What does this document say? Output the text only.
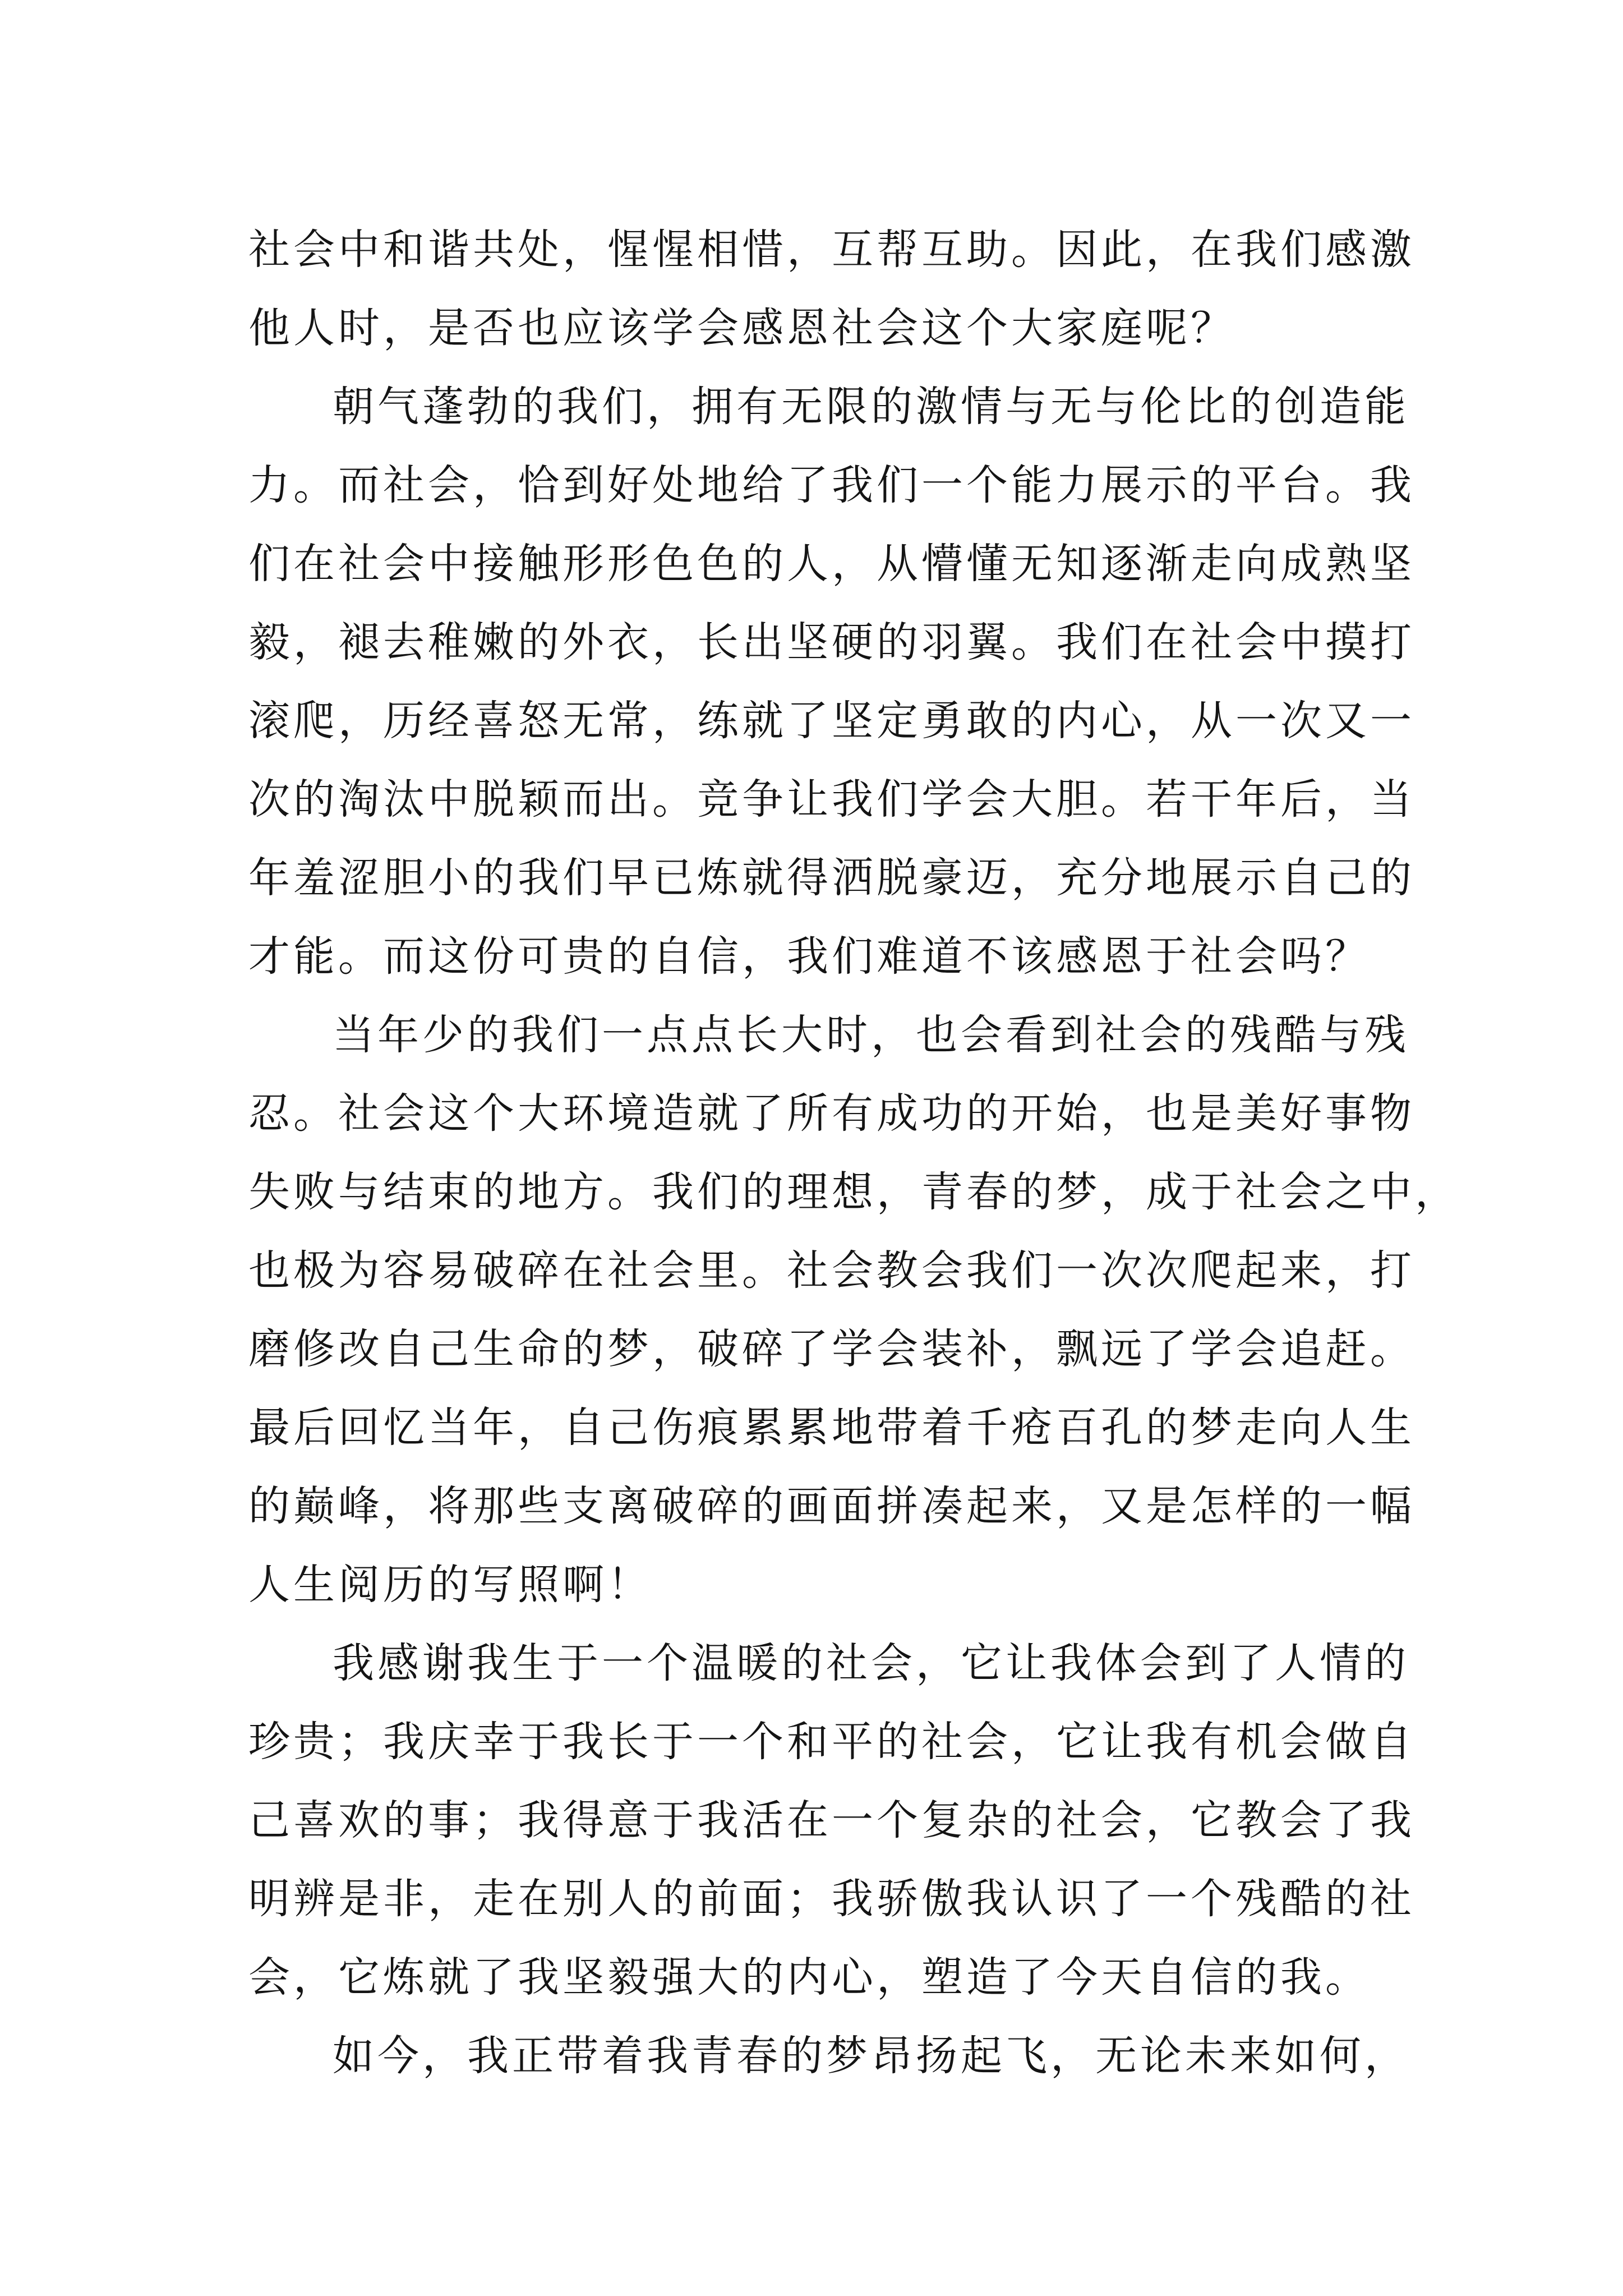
社会中和谐共处，惺惺相惜，互帮互助。因此，在我们感激
他人时，是否也应该学会感恩社会这个大家庭呢？
朝气蓬勃的我们，拥有无限的激情与无与伦比的创造能
力。而社会，恰到好处地给了我们一个能力展示的平台。我
们在社会中接触形形色色的人，从懵懂无知逐渐走向成熟坚
毅，褪去稚嫩的外衣，长出坚硬的羽翼。我们在社会中摸打
滚爬，历经喜怒无常，练就了坚定勇敢的内心，从一次又一
次的淘汰中脱颖而出。竞争让我们学会大胆。若干年后，当
年羞涩胆小的我们早已炼就得洒脱豪迈，充分地展示自己的
才能。而这份可贵的自信，我们难道不该感恩于社会吗？
当年少的我们一点点长大时，也会看到社会的残酷与残
忍。社会这个大环境造就了所有成功的开始，也是美好事物
失败与结束的地方。我们的理想，青春的梦，成于社会之中，
也极为容易破碎在社会里。社会教会我们一次次爬起来，打
磨修改自己生命的梦，破碎了学会装补，飘远了学会追赶。
最后回忆当年，自己伤痕累累地带着千疮百孔的梦走向人生
的巅峰，将那些支离破碎的画面拼凑起来，又是怎样的一幅
人生阅历的写照啊！
我感谢我生于一个温暖的社会，它让我体会到了人情的
珍贵；我庆幸于我长于一个和平的社会，它让我有机会做自
己喜欢的事；我得意于我活在一个复杂的社会，它教会了我
明辨是非，走在别人的前面；我骄傲我认识了一个残酷的社
会，它炼就了我坚毅强大的内心，塑造了今天自信的我。
如今，我正带着我青春的梦昂扬起飞，无论未来如何，
